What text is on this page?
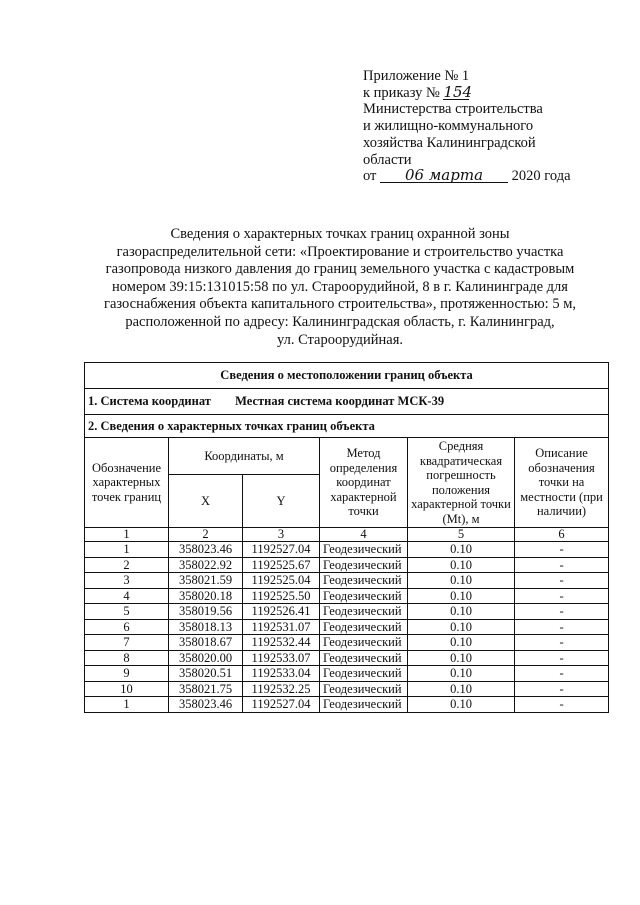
Приложение № 1
к приказу № 154
Министерства строительства
и жилищно-коммунального
хозяйства Калининградской
области
от 06 марта 2020 года
Сведения о характерных точках границ охранной зоны
газораспределительной сети: «Проектирование и строительство участка
газопровода низкого давления до границ земельного участка с кадастровым
номером 39:15:131015:58 по ул. Староорудийной, 8 в г. Калининграде для
газоснабжения объекта капитального строительства», протяженностью: 5 м,
расположенной по адресу: Калининградская область, г. Калининград,
ул. Староорудийная.
Сведения о местоположении границ объекта					
1. Система координат Местная система координат МСК-39					
2. Сведения о характерных точках границ объекта					
Обозначение характерных точек границ	Координаты, м		Метод определения координат характерной точки	Средняя квадратическая погрешность положения характерной точки (Mt), м	Описание обозначения точки на местности (при наличии)
	X	Y			
1	2	3	4	5	6
1	358023.46	1192527.04	Геодезический	0.10	-
2	358022.92	1192525.67	Геодезический	0.10	-
3	358021.59	1192525.04	Геодезический	0.10	-
4	358020.18	1192525.50	Геодезический	0.10	-
5	358019.56	1192526.41	Геодезический	0.10	-
6	358018.13	1192531.07	Геодезический	0.10	-
7	358018.67	1192532.44	Геодезический	0.10	-
8	358020.00	1192533.07	Геодезический	0.10	-
9	358020.51	1192533.04	Геодезический	0.10	-
10	358021.75	1192532.25	Геодезический	0.10	-
1	358023.46	1192527.04	Геодезический	0.10	-
